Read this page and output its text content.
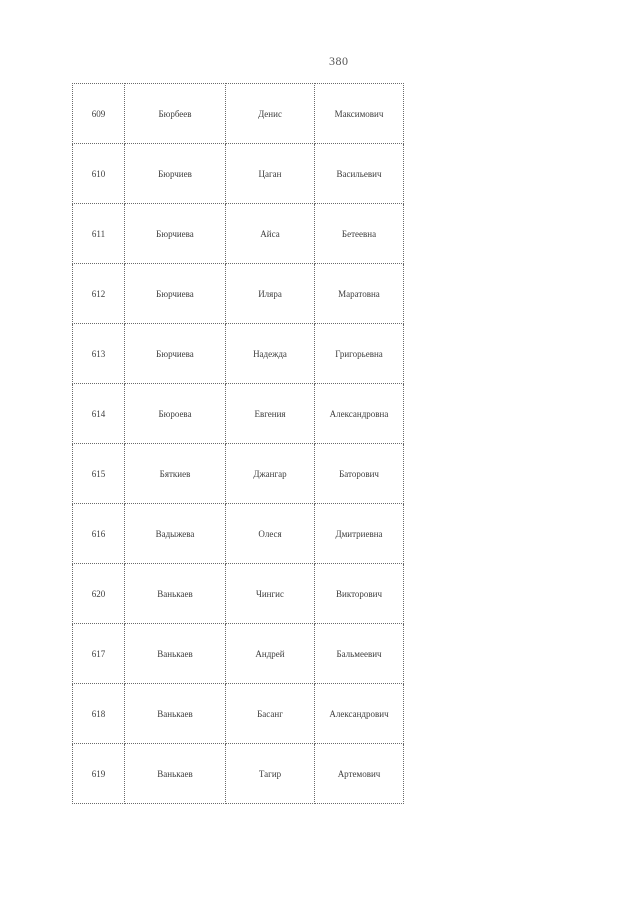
380
609	Бюрбеев	Денис	Максимович
610	Бюрчиев	Цаган	Васильевич
611	Бюрчиева	Айса	Бетеевна
612	Бюрчиева	Иляра	Маратовна
613	Бюрчиева	Надежда	Григорьевна
614	Бюроева	Евгения	Александровна
615	Бяткиев	Джангар	Баторович
616	Вадыжева	Олеся	Дмитриевна
620	Ванькаев	Чингис	Викторович
617	Ванькаев	Андрей	Бальмеевич
618	Ванькаев	Басанг	Александрович
619	Ванькаев	Тагир	Артемович
